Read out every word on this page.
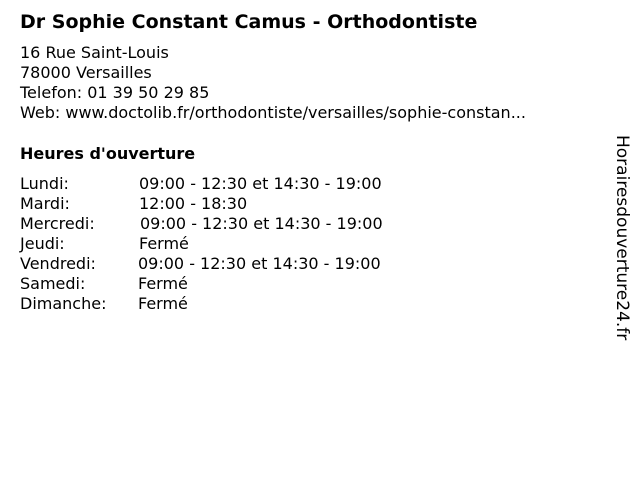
Dr Sophie Constant Camus - Orthodontiste
16 Rue Saint-Louis
78000 Versailles
Telefon: 01 39 50 29 85
Web: www.doctolib.fr/orthodontiste/versailles/sophie-constan...
Heures d'ouverture
Lundi:	09:00 - 12:30 et 14:30 - 19:00
Mardi:	12:00 - 18:30
Mercredi:	09:00 - 12:30 et 14:30 - 19:00
Jeudi:	Fermé
Vendredi:	09:00 - 12:30 et 14:30 - 19:00
Samedi:	Fermé
Dimanche: Fermé	Horairesdouverture24.fr
